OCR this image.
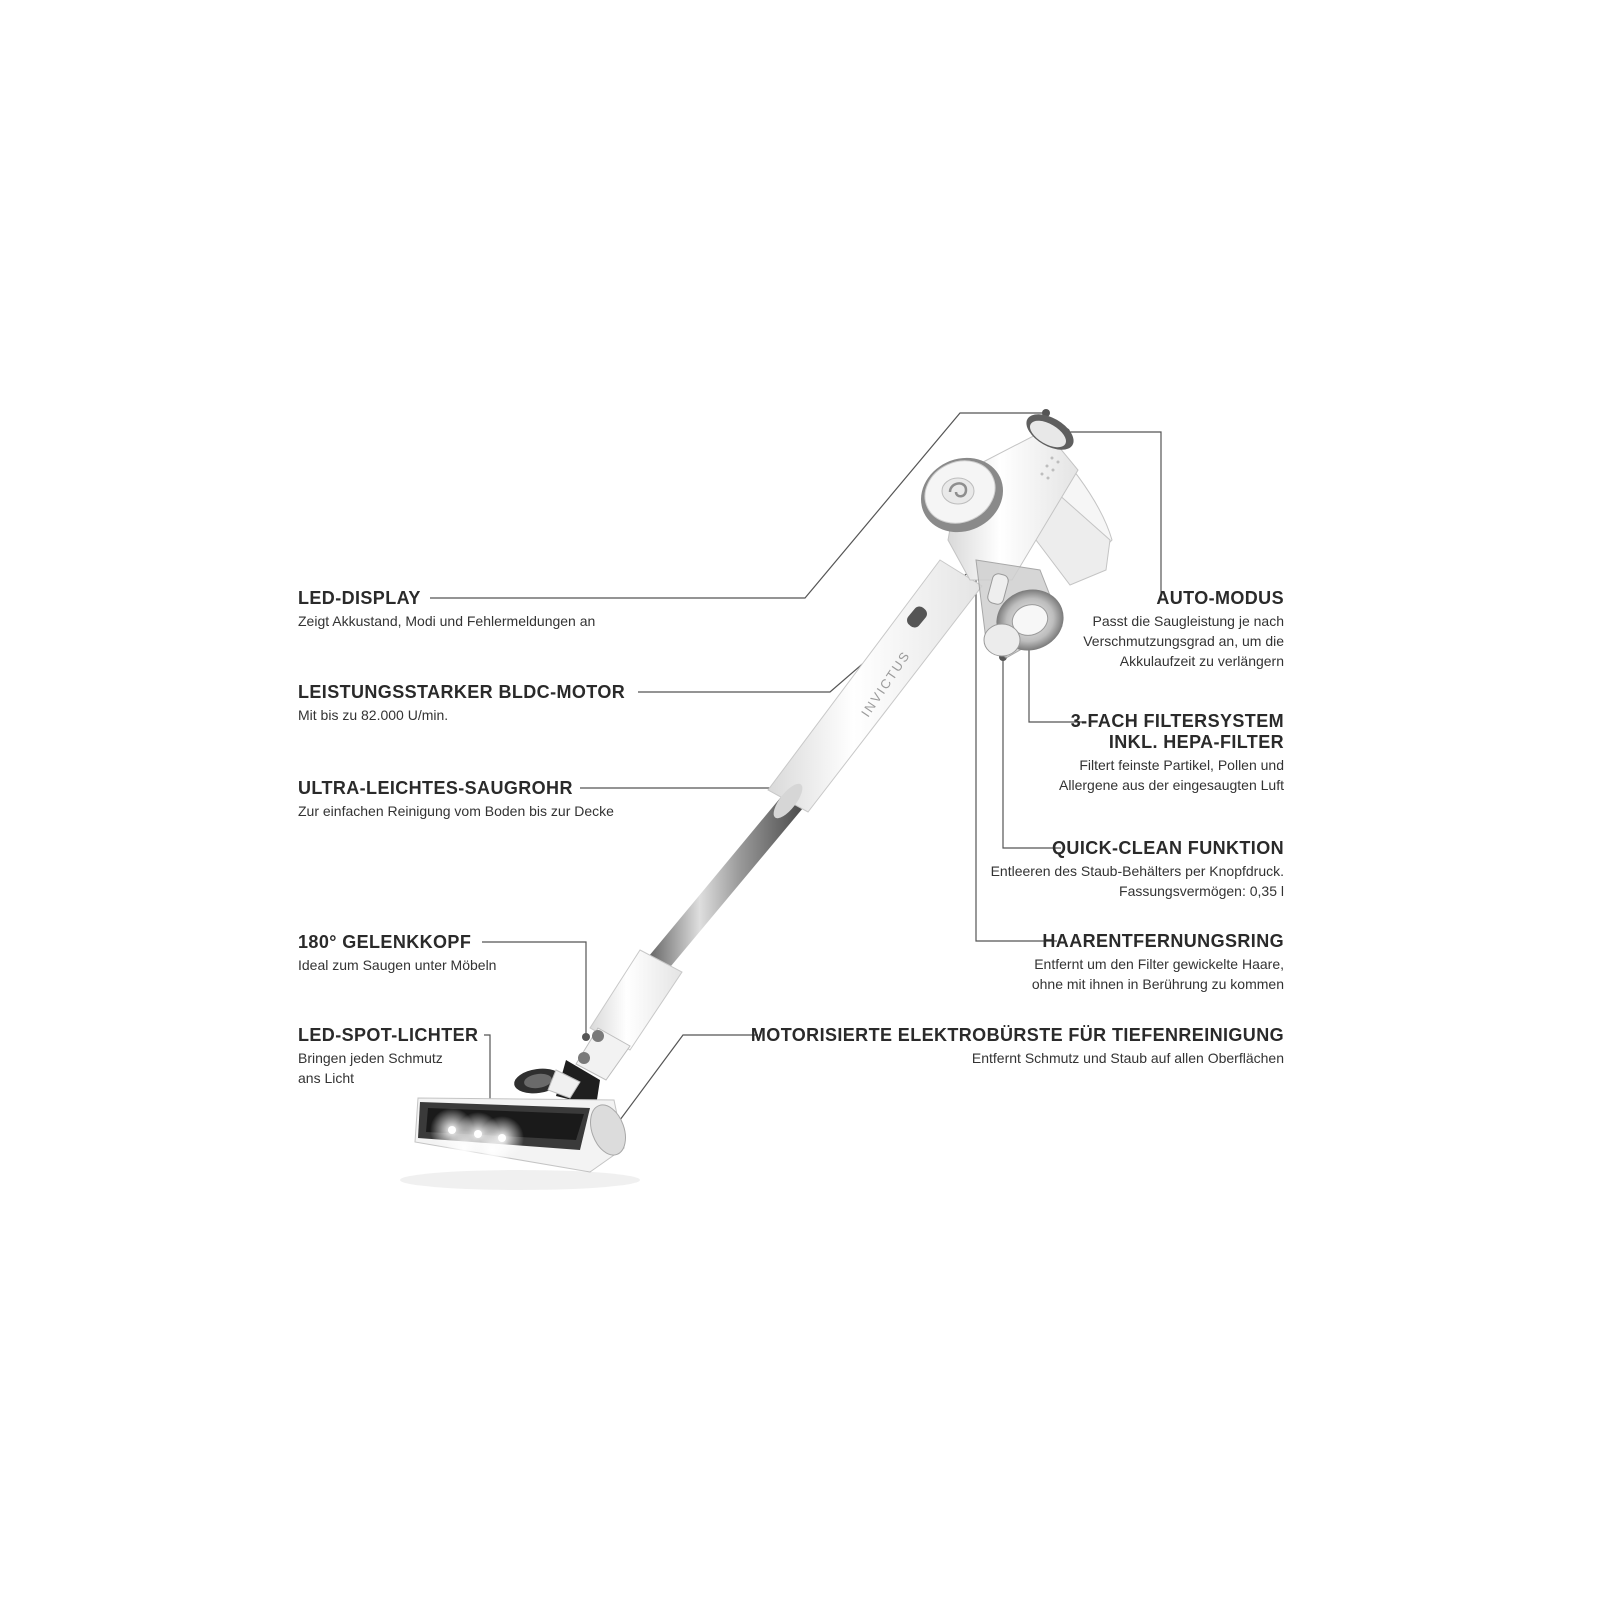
INVICTUS
LED-DISPLAY
Zeigt Akkustand, Modi und Fehlermeldungen an
LEISTUNGSSTARKER BLDC-MOTOR
Mit bis zu 82.000 U/min.
ULTRA-LEICHTES-SAUGROHR
Zur einfachen Reinigung vom Boden bis zur Decke
180° GELENKKOPF
Ideal zum Saugen unter Möbeln
LED-SPOT-LICHTER
Bringen jeden Schmutz
ans Licht
AUTO-MODUS
Passt die Saugleistung je nach
Verschmutzungsgrad an, um die
Akkulaufzeit zu verlängern
3-FACH FILTERSYSTEM
INKL. HEPA-FILTER
Filtert feinste Partikel, Pollen und
Allergene aus der eingesaugten Luft
QUICK-CLEAN FUNKTION
Entleeren des Staub-Behälters per Knopfdruck.
Fassungsvermögen: 0,35 l
HAARENTFERNUNGSRING
Entfernt um den Filter gewickelte Haare,
ohne mit ihnen in Berührung zu kommen
MOTORISIERTE ELEKTROBÜRSTE FÜR TIEFENREINIGUNG
Entfernt Schmutz und Staub auf allen Oberflächen
